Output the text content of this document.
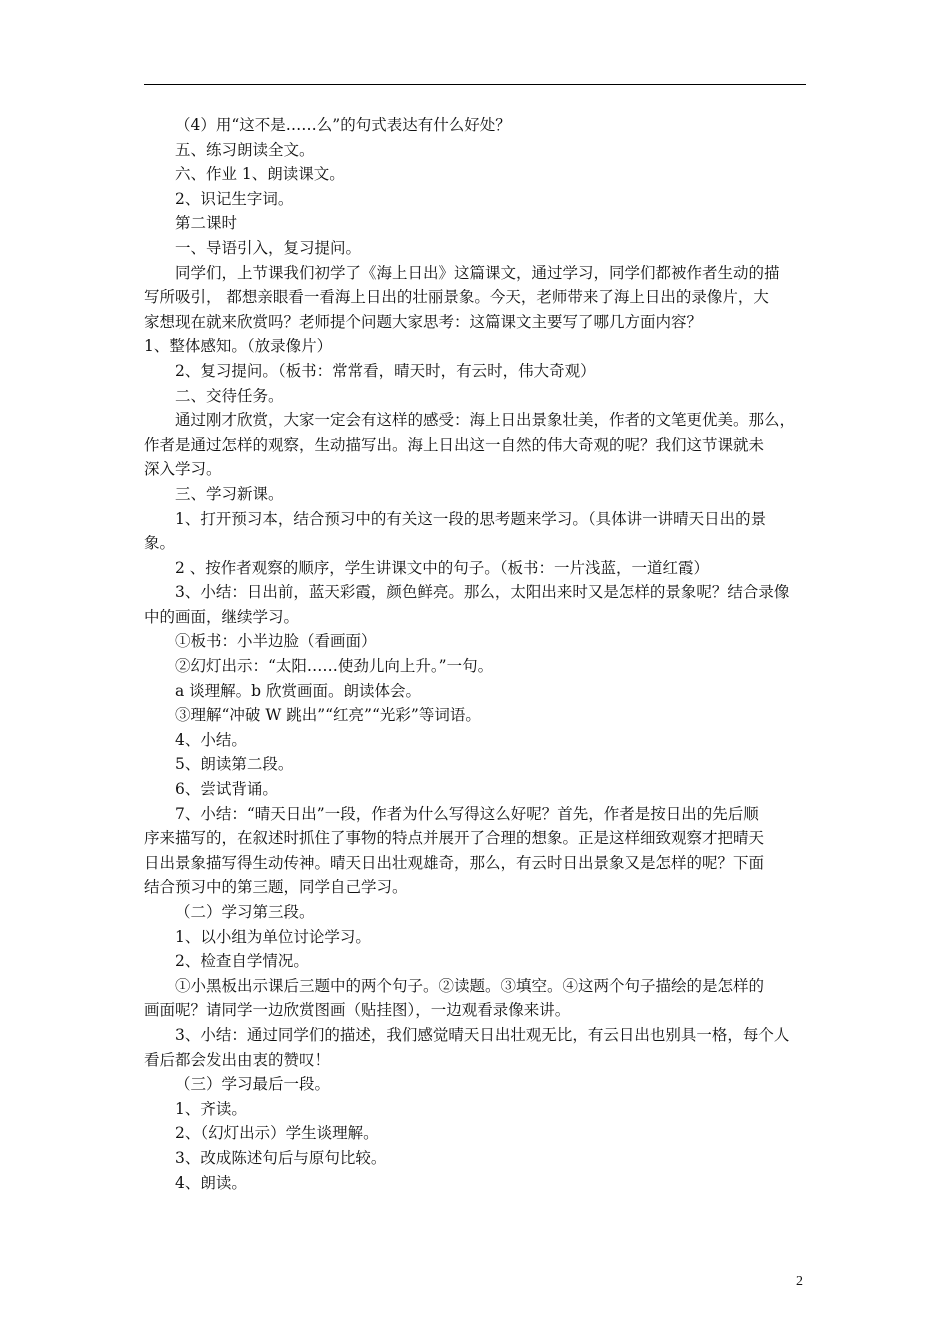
（4）用“这不是……么”的句式表达有什么好处？
五、练习朗读全文。
六、作业 1、朗读课文。
2、识记生字词。
第二课时
一、导语引入，复习提问。
同学们，上节课我们初学了《海上日出》这篇课文，通过学习，同学们都被作者生动的描
写所吸引， 都想亲眼看一看海上日出的壮丽景象。今天，老师带来了海上日出的录像片，大
家想现在就来欣赏吗？老师提个问题大家思考：这篇课文主要写了哪几方面内容？
1、整体感知。（放录像片）
2、复习提问。（板书：常常看，晴天时，有云时，伟大奇观）
二、交待任务。
通过刚才欣赏，大家一定会有这样的感受：海上日出景象壮美，作者的文笔更优美。那么，
作者是通过怎样的观察，生动描写出。海上日出这一自然的伟大奇观的呢？我们这节课就未
深入学习。
三、学习新课。
1、打开预习本，结合预习中的有关这一段的思考题来学习。（具体讲一讲晴天日出的景
象。
2 、按作者观察的顺序，学生讲课文中的句子。（板书：一片浅蓝，一道红霞）
3、小结：日出前，蓝天彩霞，颜色鲜亮。那么，太阳出来时又是怎样的景象呢？结合录像
中的画面，继续学习。
①板书：小半边脸（看画面）
②幻灯出示：“太阳……使劲儿向上升。”一句。
a 谈理解。b 欣赏画面。朗读体会。
③理解“冲破 W 跳出”“红亮”“光彩”等词语。
4、小结。
5、朗读第二段。
6、尝试背诵。
7、小结：“晴天日出”一段，作者为什么写得这么好呢？首先，作者是按日出的先后顺
序来描写的，在叙述时抓住了事物的特点并展开了合理的想象。正是这样细致观察才把晴天
日出景象描写得生动传神。晴天日出壮观雄奇，那么，有云时日出景象又是怎样的呢？下面
结合预习中的第三题，同学自己学习。
（二）学习第三段。
1、以小组为单位讨论学习。
2、检查自学情况。
①小黑板出示课后三题中的两个句子。②读题。③填空。④这两个句子描绘的是怎样的
画面呢？请同学一边欣赏图画（贴挂图），一边观看录像来讲。
3、小结：通过同学们的描述，我们感觉晴天日出壮观无比，有云日出也别具一格，每个人
看后都会发出由衷的赞叹！
（三）学习最后一段。
1、齐读。
2、（幻灯出示）学生谈理解。
3、改成陈述句后与原句比较。
4、朗读。
2
